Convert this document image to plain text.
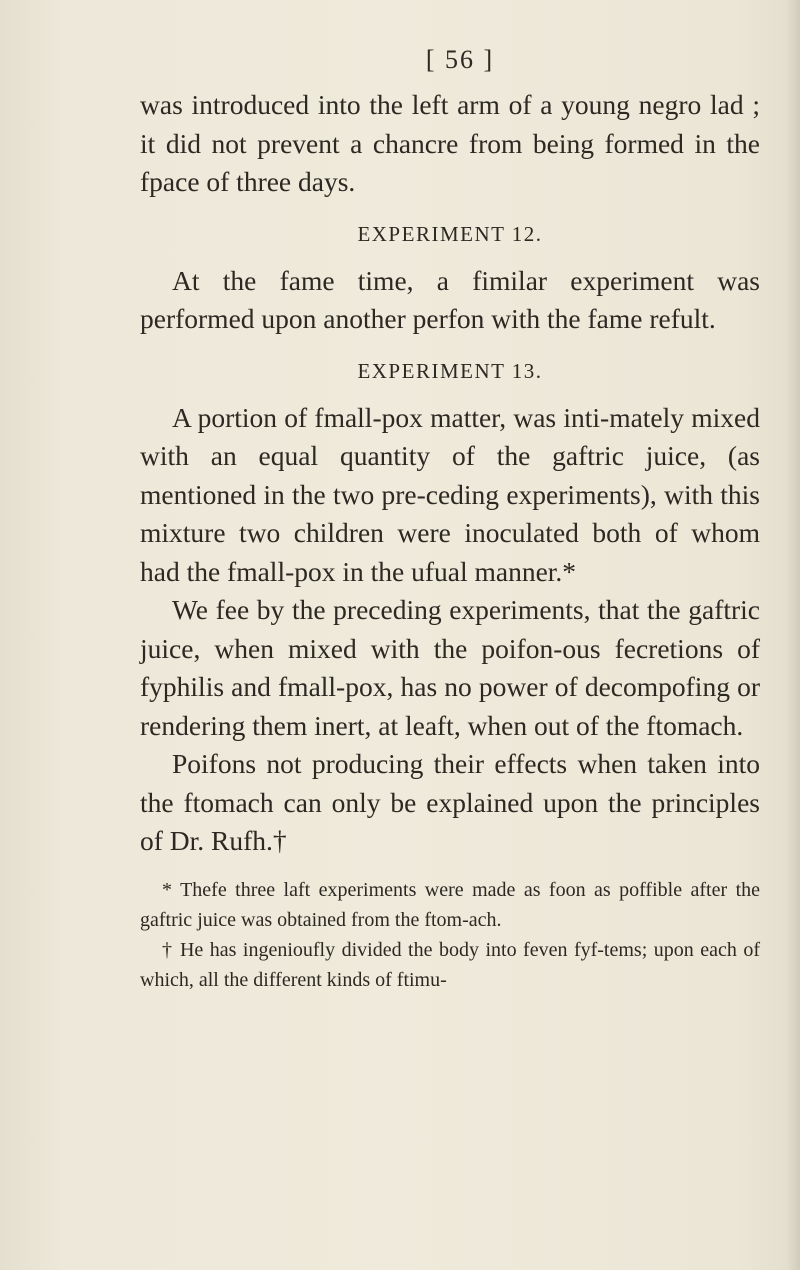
[ 56 ]

was introduced into the left arm of a young negro lad ; it did not prevent a chancre from being formed in the fpace of three days.

EXPERIMENT 12.

At the fame time, a fimilar experiment was performed upon another perfon with the fame refult.

EXPERIMENT 13.

A portion of fmall-pox matter, was inti-mately mixed with an equal quantity of the gaftric juice, (as mentioned in the two pre-ceding experiments), with this mixture two children were inoculated both of whom had the fmall-pox in the ufual manner.*

We fee by the preceding experiments, that the gaftric juice, when mixed with the poifon-ous fecretions of fyphilis and fmall-pox, has no power of decompofing or rendering them inert, at leaft, when out of the ftomach.

Poifons not producing their effects when taken into the ftomach can only be explained upon the principles of Dr. Rufh.†

* Thefe three laft experiments were made as foon as poffible after the gaftric juice was obtained from the ftom-ach.

† He has ingenioufly divided the body into feven fyf-tems; upon each of which, all the different kinds of ftimu-
